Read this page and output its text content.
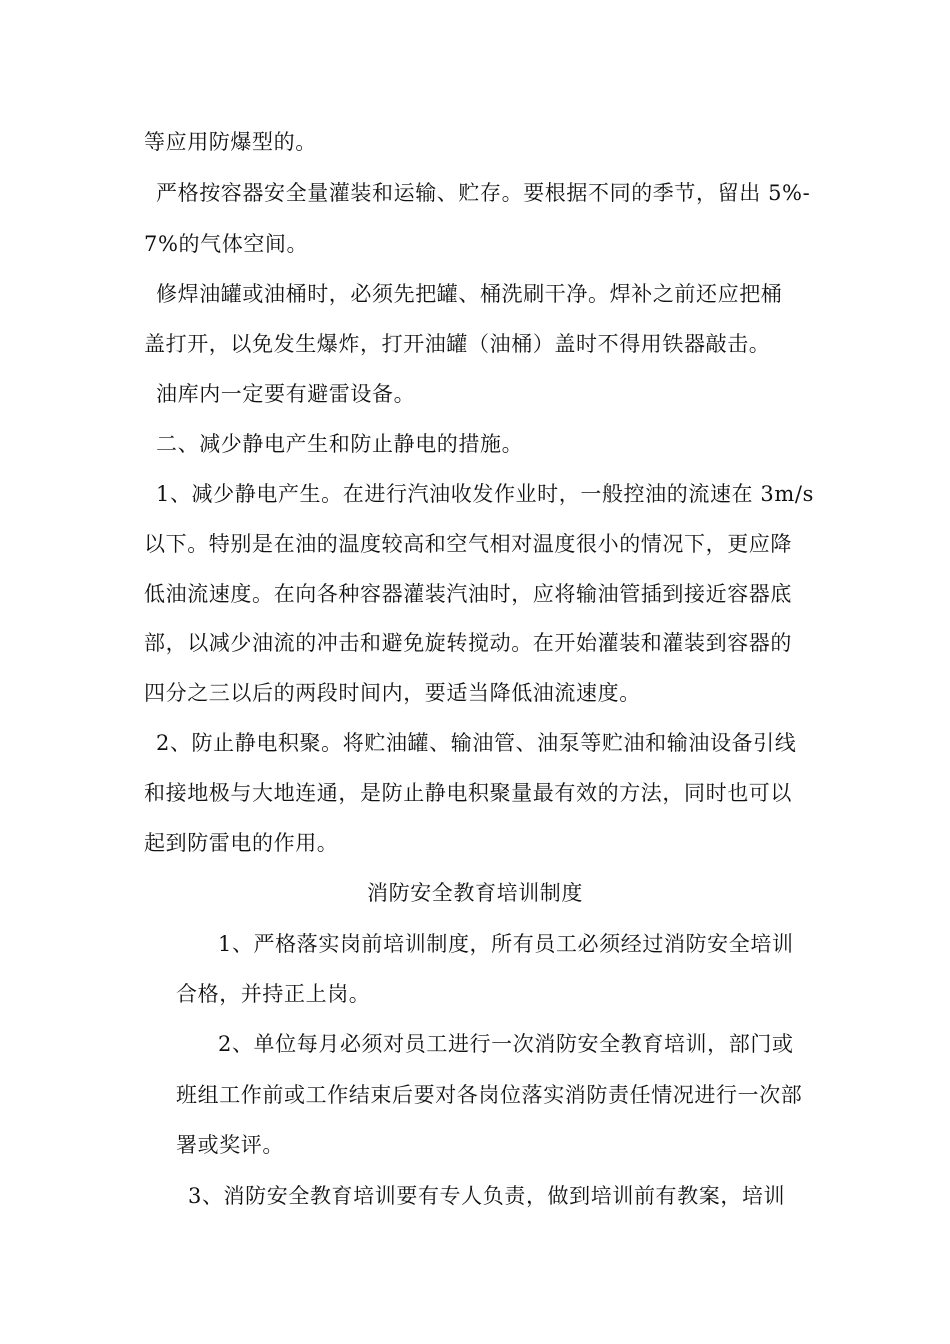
等应用防爆型的。
严格按容器安全量灌装和运输、贮存。要根据不同的季节，留出 5%-
7%的气体空间。
修焊油罐或油桶时，必须先把罐、桶洗刷干净。焊补之前还应把桶
盖打开，以免发生爆炸，打开油罐（油桶）盖时不得用铁器敲击。
油库内一定要有避雷设备。
二、减少静电产生和防止静电的措施。
1、减少静电产生。在进行汽油收发作业时，一般控油的流速在 3m/s
以下。特别是在油的温度较高和空气相对温度很小的情况下，更应降
低油流速度。在向各种容器灌装汽油时，应将输油管插到接近容器底
部，以减少油流的冲击和避免旋转搅动。在开始灌装和灌装到容器的
四分之三以后的两段时间内，要适当降低油流速度。
2、防止静电积聚。将贮油罐、输油管、油泵等贮油和输油设备引线
和接地极与大地连通，是防止静电积聚量最有效的方法，同时也可以
起到防雷电的作用。
消防安全教育培训制度
1、严格落实岗前培训制度，所有员工必须经过消防安全培训
合格，并持正上岗。
2、单位每月必须对员工进行一次消防安全教育培训，部门或
班组工作前或工作结束后要对各岗位落实消防责任情况进行一次部
署或奖评。
3、消防安全教育培训要有专人负责，做到培训前有教案，培训
